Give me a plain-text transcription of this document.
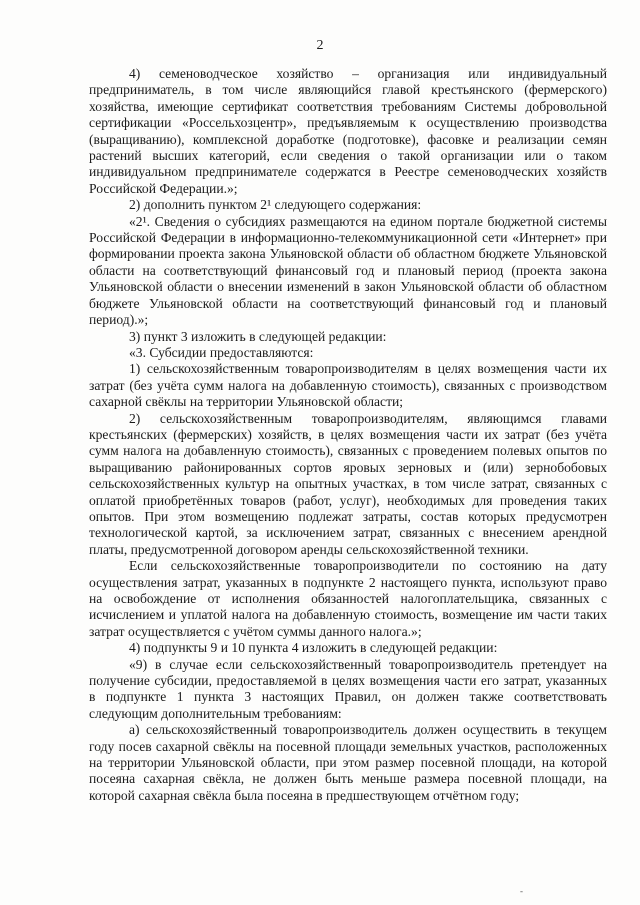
2

4) семеноводческое хозяйство – организация или индивидуальный предприниматель, в том числе являющийся главой крестьянского (фермерского) хозяйства, имеющие сертификат соответствия требованиям Системы добровольной сертификации «Россельхозцентр», предъявляемым к осуществлению производства (выращиванию), комплексной доработке (подготовке), фасовке и реализации семян растений высших категорий, если сведения о такой организации или о таком индивидуальном предпринимателе содержатся в Реестре семеноводческих хозяйств Российской Федерации.»;

2) дополнить пунктом 2¹ следующего содержания:

«2¹. Сведения о субсидиях размещаются на едином портале бюджетной системы Российской Федерации в информационно-телекоммуникационной сети «Интернет» при формировании проекта закона Ульяновской области об областном бюджете Ульяновской области на соответствующий финансовый год и плановый период (проекта закона Ульяновской области о внесении изменений в закон Ульяновской области об областном бюджете Ульяновской области на соответствующий финансовый год и плановый период).»;

3) пункт 3 изложить в следующей редакции:

«3. Субсидии предоставляются:

1) сельскохозяйственным товаропроизводителям в целях возмещения части их затрат (без учёта сумм налога на добавленную стоимость), связанных с производством сахарной свёклы на территории Ульяновской области;

2) сельскохозяйственным товаропроизводителям, являющимся главами крестьянских (фермерских) хозяйств, в целях возмещения части их затрат (без учёта сумм налога на добавленную стоимость), связанных с проведением полевых опытов по выращиванию районированных сортов яровых зерновых и (или) зернобобовых сельскохозяйственных культур на опытных участках, в том числе затрат, связанных с оплатой приобретённых товаров (работ, услуг), необходимых для проведения таких опытов. При этом возмещению подлежат затраты, состав которых предусмотрен технологической картой, за исключением затрат, связанных с внесением арендной платы, предусмотренной договором аренды сельскохозяйственной техники.

Если сельскохозяйственные товаропроизводители по состоянию на дату осуществления затрат, указанных в подпункте 2 настоящего пункта, используют право на освобождение от исполнения обязанностей налогоплательщика, связанных с исчислением и уплатой налога на добавленную стоимость, возмещение им части таких затрат осуществляется с учётом суммы данного налога.»;

4) подпункты 9 и 10 пункта 4 изложить в следующей редакции:

«9) в случае если сельскохозяйственный товаропроизводитель претендует на получение субсидии, предоставляемой в целях возмещения части его затрат, указанных в подпункте 1 пункта 3 настоящих Правил, он должен также соответствовать следующим дополнительным требованиям:

а) сельскохозяйственный товаропроизводитель должен осуществить в текущем году посев сахарной свёклы на посевной площади земельных участков, расположенных на территории Ульяновской области, при этом размер посевной площади, на которой посеяна сахарная свёкла, не должен быть меньше размера посевной площади, на которой сахарная свёкла была посеяна в предшествующем отчётном году;

-
